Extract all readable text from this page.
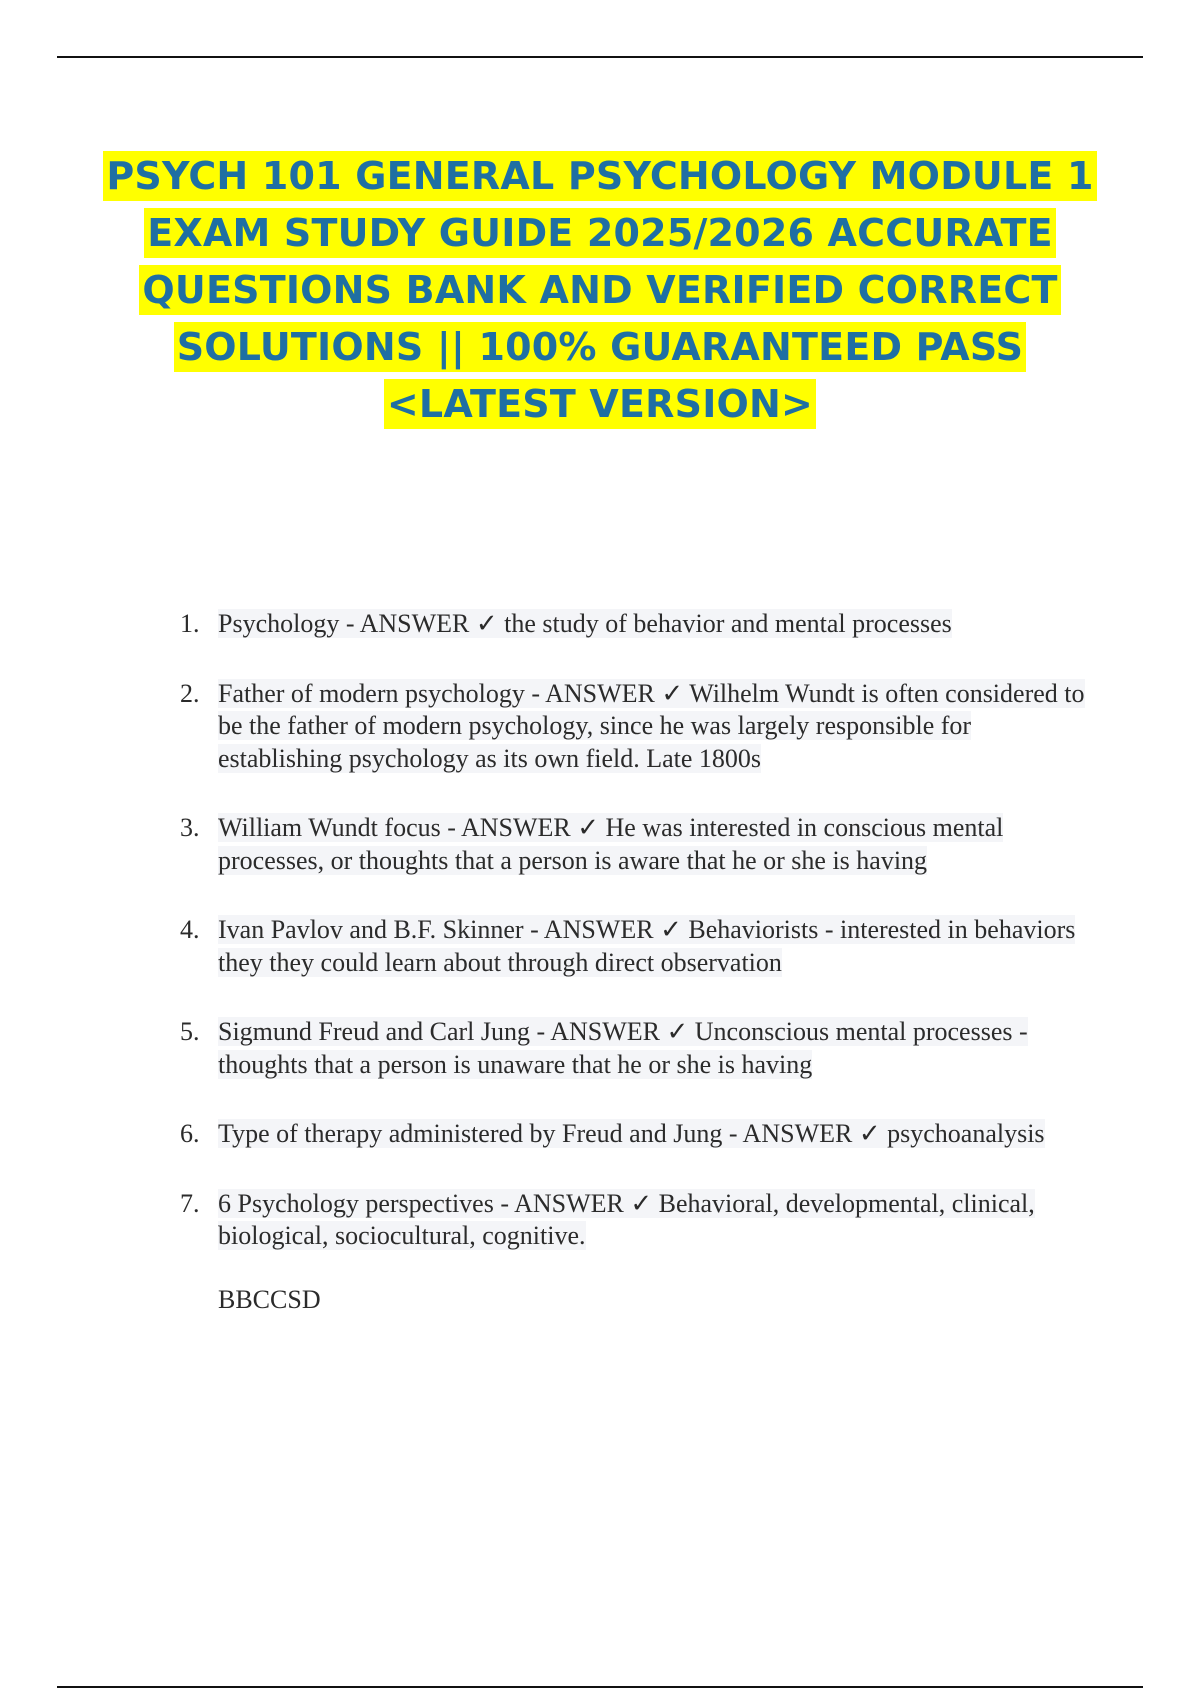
PSYCH 101 GENERAL PSYCHOLOGY MODULE 1 EXAM STUDY GUIDE 2025/2026 ACCURATE QUESTIONS BANK AND VERIFIED CORRECT SOLUTIONS || 100% GUARANTEED PASS <LATEST VERSION>
1. Psychology - ANSWER ✓ the study of behavior and mental processes
2. Father of modern psychology - ANSWER ✓ Wilhelm Wundt is often considered to be the father of modern psychology, since he was largely responsible for establishing psychology as its own field. Late 1800s
3. William Wundt focus - ANSWER ✓ He was interested in conscious mental processes, or thoughts that a person is aware that he or she is having
4. Ivan Pavlov and B.F. Skinner - ANSWER ✓ Behaviorists - interested in behaviors they they could learn about through direct observation
5. Sigmund Freud and Carl Jung - ANSWER ✓ Unconscious mental processes - thoughts that a person is unaware that he or she is having
6. Type of therapy administered by Freud and Jung - ANSWER ✓ psychoanalysis
7. 6 Psychology perspectives - ANSWER ✓ Behavioral, developmental, clinical, biological, sociocultural, cognitive.
BBCCSD
